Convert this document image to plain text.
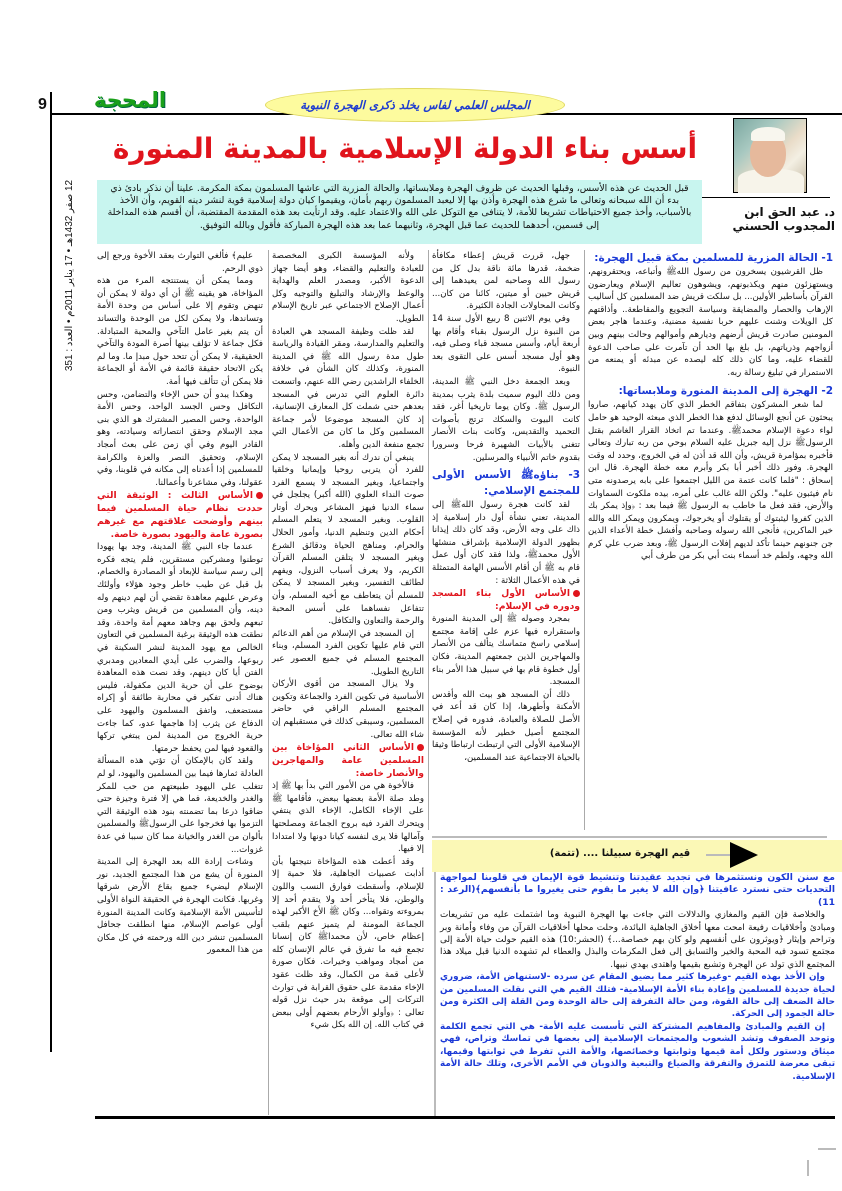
9 المحجة	المجلس العلمي لفاس يخلد ذكرى الهجرة النبوية
12 صفر 1432هـ • 17 يناير 2011م • العدد : 351
أسس بناء الدولة الإسلامية بالمدينة المنورة
د. عبد الحق ابن المجدوب الحسني
قبل الحديث عن هذه الأسس، وقبلها الحديث عن ظروف الهجرة وملابساتها، والحالة المزرية التي عاشها المسلمون بمكة المكرمة. علينا أن نذكر بادئ ذي بدء أن الله سبحانه وتعالى ما شرع هذه الهجرة وأذن بها إلا ليعبد المسلمون ربهم بأمان، ويقيموا كيان دولة إسلامية قوية لنشر دينه القويم، وأن الأخذ بالأسباب، وأخذ جميع الاحتياطات تشريعا للأمة، لا يتنافى مع التوكل على الله والاعتماد عليه. وقد ارتأيت بعد هذه المقدمة المقتضبة، أن أقسم هذه المداخلة إلى قسمين، أحدهما للحديث عما قبل الهجرة، وثانيهما عما بعد هذه الهجرة المباركة فأقول وبالله التوفيق.
1- الحالة المزرية للمسلمين بمكة قبيل الهجرة:

ظل القرشيون يسخرون من رسول اللهﷺ وأتباعه، ويحتقرونهم، ويستهزئون منهم ويكذبونهم، ويشوهون تعاليم الإسلام ويعارضون القرآن بأساطير الأولين... بل سلكت قريش ضد المسلمين كل أساليب الإرهاب والحصار والمضايقة وسياسة التجويع والمقاطعة.. وأذاقتهم كل الويلات وشنت عليهم حربا نفسية مضنية، وعندما هاجر بعض المومنين صادرت قريش أرضهم وديارهم وأموالهم وحالت بينهم وبين أزواجهم وذرياتهم، بل بلغ بها الحد أن تآمرت على صاحب الدعوة للقضاء عليه، وما كان ذلك كله ليصده عن مبدئه أو يمنعه من الاستمرار في تبليغ رسالة ربه.

2- الهجرة إلى المدينة المنورة وملابساتها:

لما شعر المشركون بتفاقم الخطر الذي كان يهدد كيانهم، صاروا يبحثون عن أنجع الوسائل لدفع هذا الخطر الذي مبعثه الوحيد هو حامل لواء دعوة الإسلام محمدﷺ. وعندما تم اتخاذ القرار الغاشم بقتل الرسولﷺ نزل إليه جبريل عليه السلام بوحي من ربه تبارك وتعالى فأخبره بمؤامرة قريش، وأن الله قد أذن له في الخروج، وحدد له وقت الهجرة. وفور ذلك أخبر أبا بكر وأبرم معه خطة الهجرة. قال ابن إسحاق : "فلما كانت عتمة من الليل اجتمعوا على بابه يرصدونه متى نام فيثبون عليه". ولكن الله غالب على أمره، بيده ملكوت السماوات والأرض، فقد فعل ما خاطب به الرسول ﷺ فيما بعد : ﴿وإذ يمكر بك الذين كفروا ليثبتوك أو يقتلوك أو يخرجوك، ويمكرون ويمكر الله والله خير الماكرين﴾ فأنجى الله رسوله وصاحبه وأفشل خطة الأعداء الذين جن جنونهم حينما تأكد لديهم إفلات الرسول ﷺ، وبعد ضرب علي كرم الله وجهه، ولطم خد أسماء بنت أبي بكر من طرف أبي

جهل، قررت قريش إعطاء مكافأة ضخمة، قدرها مائة ناقة بدل كل من رسول الله وصاحبه لمن يعيدهما إلى قريش حيين أو ميتين، كائنا من كان... وكانت المحاولات الجادة الكثيرة.

وفي يوم الاثنين 8 ربيع الأول سنة 14 من النبوة نزل الرسول بقباء وأقام بها أربعة أيام، وأسس مسجد قباء وصلى فيه، وهو أول مسجد أسس على التقوى بعد النبوة.

وبعد الجمعة دخل النبي ﷺ المدينة، ومن ذلك اليوم سميت بلدة يثرب بمدينة الرسول ﷺ. وكان يوما تاريخيا أغر، فقد كانت البيوت والسكك ترتج بأصوات التحميد والتقديس، وكانت بنات الأنصار تتغنى بالأبيات الشهيرة فرحا وسرورا بقدوم خاتم الأنبياء والمرسلين.

3- بناؤهﷺ الأسس الأولى للمجتمع الإسلامي:

لقد كانت هجرة رسول اللهﷺ إلى المدينة، تعني نشأة أول دار إسلامية إذ ذاك على وجه الأرض، وقد كان ذلك إيذانا بظهور الدولة الإسلامية بإشراف منشئها الأول محمدﷺ، ولذا فقد كان أول عمل قام به ﷺ أن أقام الأسس الهامة المتمثلة في هذه الأعمال الثلاثة :

الأساس الأول بناء المسجد ودوره في الإسلام:

بمجرد وصوله ﷺ إلى المدينة المنورة واستقراره فيها عزم على إقامة مجتمع إسلامي راسخ متماسك يتألف من الأنصار والمهاجرين الذين جمعتهم المدينة، فكان أول خطوة قام بها في سبيل هذا الأمر بناء المسجد.

ذلك أن المسجد هو بيت الله وأقدس الأمكنة وأطهرها، إذا كان قد أعد في الأصل للصلاة والعبادة، فدوره في إصلاح المجتمع أصيل خطير لأنه المؤسسة الإسلامية الأولى التي ارتبطت ارتباطا وثيقا بالحياة الاجتماعية عند المسلمين،

ولأنه المؤسسة الكبرى المخصصة للعبادة والتعليم والقضاء، وهو أيضا جهاز الدعوة الأكبر، ومصدر العلم والهداية والوعظ والإرشاد والتبليغ والتوجيه وكل أعمال الإصلاح الاجتماعي عبر تاريخ الإسلام الطويل.

لقد ظلت وظيفة المسجد هي العبادة والتعليم والمدارسة، ومقر القيادة والرياسة طول مدة رسول الله ﷺ في المدينة المنورة، وكذلك كان الشأن في خلافة الخلفاء الراشدين رضي الله عنهم، واتسعت دائرة العلوم التي تدرس في المسجد بعدهم حتى شملت كل المعارف الإنسانية، إذ كان المسجد موضوعا لأمر جماعة المسلمين وكل ما كان من الأعمال التي تجمع منفعة الدين وأهله.

ينبغي أن ندرك أنه بغير المسجد لا يمكن للفرد أن يتربى روحيا وإيمانيا وخلقيا واجتماعيا، وبغير المسجد لا يسمع الفرد صوت النداء العلوي (الله أكبر) يجلجل في سماء الدنيا فيهز المشاعر ويحرك أوتار القلوب. وبغير المسجد لا يتعلم المسلم أحكام الدين وتنظيم الدنيا، وأمور الحلال والحرام، ومناهج الحياة ودقائق الشرع وبغير المسجد لا يتلقن المسلم القرآن الكريم، ولا يعرف أسباب النزول، ويفهم لطائف التفسير، وبغير المسجد لا يمكن للمسلم أن يتعاطف مع أخيه المسلم، وأن تتفاعل نفساهما على أسس المحبة والرحمة والتعاون والتكافل.

إن المسجد في الإسلام من أهم الدعائم التي قام عليها تكوين الفرد المسلم، وبناء المجتمع المسلم في جميع العصور عبر التاريخ الطويل.

ولا يزال المسجد من أقوى الأركان الأساسية في تكوين الفرد والجماعة وتكوين المجتمع المسلم الراقي في حاضر المسلمين، وسيبقى كذلك في مستقبلهم إن شاء الله تعالى.

الأساس الثاني المؤاخاة بين المسلمين عامة والمهاجرين والأنصار خاصة:

فالأخوة هي من الأمور التي بدأ بها ﷺ إذ وطد صلة الأمة بعضها ببعض، فأقامها ﷺ على الإخاء الكامل، الإخاء الذي ينتفي ويتحرك الفرد فيه بروح الجماعة ومصلحتها وآمالها فلا يرى لنفسه كيانا دونها ولا امتدادا إلا فيها.

وقد أعطت هذه المؤاخاة نتيجتها بأن أذابت عصبيات الجاهلية، فلا حمية إلا للإسلام، وأسقطت فوارق النسب واللون والوطن، فلا يتأخر أحد ولا يتقدم أحد إلا بمروءته وتقواه... وكان ﷺ الأخ الأكبر لهذه الجماعة المومنة لم يتميز عنهم بلقب إعظام خاص، لأن محمداﷺ كان إنسانا تجمع فيه ما تفرق في عالم الإنسان كله من أمجاد ومواهب وخيرات. فكان صورة لأعلى قمة من الكمال، وقد ظلت عقود الإخاء مقدمة على حقوق القرابة في توارث التركات إلى موقعة بدر حيث نزل قوله تعالى : ﴿وأولو الأرحام بعضهم أولى ببعض في كتاب الله. إن الله بكل شيء

عليم﴾ فألغي التوارث بعقد الأخوة ورجع إلى ذوي الرحم.

ومما يمكن أن يستنتجه المرء من هذه المؤاخاة، هو يقينه ﷺ أن أي دولة لا يمكن أن تنهض وتقوم إلا على أساس من وحدة الأمة وتساندها، ولا يمكن لكل من الوحدة والتساند أن يتم بغير عامل التآخي والمحبة المتبادلة. فكل جماعة لا تؤلف بينها أصرة المودة والتآخي الحقيقية، لا يمكن أن تتحد حول مبدإ ما. وما لم يكن الاتحاد حقيقة قائمة في الأمة أو الجماعة فلا يمكن أن تتألف فيها أمة.

وهكذا يبدو أن حس الإخاء والتضامن، وحس التكافل وحس الجسد الواحد، وحس الأمة الواحدة، وحس المصير المشترك هو الذي بنى مجد الإسلام وحقق انتصاراته وسيادته، وهو القادر اليوم وفي أي زمن على بعث أمجاد الإسلام، وتحقيق النصر والعزة والكرامة للمسلمين إذا أعدناه إلى مكانه في قلوبنا، وفي عقولنا، وفي مشاعرنا وأعمالنا.

الأساس الثالث : الوثيقة التي حددت نظام حياة المسلمين فيما بينهم وأوضحت علاقتهم مع غيرهم بصورة عامة واليهود بصورة خاصة.

عندما جاء النبي ﷺ المدينة، وجد بها يهودا توطنوا ومشركين مستقرين، فلم يتجه فكره إلى رسم سياسة للإبعاد أو المصادرة والخصام، بل قبل عن طيب خاطر وجود هؤلاء وأولئك وعرض عليهم معاهدة تقضي أن لهم دينهم وله دينه، وأن المسلمين من قريش ويثرب ومن تبعهم ولحق بهم وجاهد معهم أمة واحدة، وقد نطقت هذه الوثيقة برغبة المسلمين في التعاون الخالص مع يهود المدينة لنشر السكينة في ربوعها، والضرب على أيدي المعادين ومدبري الفتن أيا كان دينهم، وقد نصت هذه المعاهدة بوضوح على أن حرية الدين مكفولة، فليس هناك أدنى تفكير في محاربة طائفة أو إكراه مستضعف، واتفق المسلمون واليهود على الدفاع عن يثرب إذا هاجمها عدو، كما جاءت حرية الخروج من المدينة لمن يبتغي تركها والقعود فيها لمن يحفظ حرمتها.

ولقد كان بالإمكان أن تؤتي هذه المسألة العادلة ثمارها فيما بين المسلمين واليهود، لو لم تتغلب على اليهود طبيعتهم من حب للمكر والغدر والخديعة، فما هي إلا فترة وجيزة حتى ضاقوا ذرعا بما تضمنته بنود هذه الوثيقة التي التزموا بها فخرجوا على الرسولﷺ والمسلمين بألوان من الغدر والخيانة مما كان سببا في عدة غزوات...

وشاءت إرادة الله بعد الهجرة إلى المدينة المنورة أن يشع من هذا المجتمع الجديد، نور الإسلام ليضيء جميع بقاع الأرض شرقها وغربها. فكانت الهجرة في الحقيقة النواة الأولى لتأسيس الأمة الإسلامية وكانت المدينة المنورة أولى عواصم الإسلام، منها انطلقت جحافل المسلمين تنشر دين الله ورحمته في كل مكان من هذا المعمور

قيم الهجرة سبيلنا .... (تتمة)

مع سنن الكون ونستثمرها في تجديد عقيدتنا وتنشيط قوة الإيمان في قلوبنا لمواجهة التحديات حتى نسترد عافيتنا ﴿وإن الله لا يغير ما بقوم حتى يغيروا ما بأنفسهم﴾(الرعد : 11)

والخلاصة فإن القيم والمغازي والدلالات التي جاءت بها الهجرة النبوية وما اشتملت عليه من تشريعات ومبادئ وأخلاقيات رفيعة امحت معها أخلاق الجاهلية البائدة، وحلت محلها أخلاقيات القرآن من وفاء وأمانة وبر وتراحم وإيثار ﴿ويوثرون على أنفسهم ولو كان بهم خصاصة...﴾ (الحشر:10) هذه القيم حولت حياة الأمة إلى مجتمع تسود فيه المحبة والخير والتسابق إلى فعل المكرمات والبذل والعطاء لم تشهده الدنيا قبل ميلاد هذا المجتمع الذي تولد عن الهجرة وتشبع بقيمها واهتدى بهدي نبيها.

وإن الأخذ بهذه القيم -وغيرها كثير مما يضيق المقام عن سرده -لاستنهاض الأمة، ضروري لحياة جديدة للمسلمين وإعادة بناء الأمة الإسلامية- فتلك القيم هي التي نقلت المسلمين من حالة الضعف إلى حالة القوة، ومن حالة التفرقة إلى حالة الوحدة ومن القلة إلى الكثرة ومن حالة الجمود إلى الحركة.

إن القيم والمبادئ والمفاهيم المشتركة التي تأسست عليه الأمة- هي التي تجمع الكلمة وتوحد الصفوف وتشد الشعوب والمجتمعات الإسلامية إلى بعضها في تماسك وتراص، فهي ميثاق ودستور ولكل أمة قيمها وثوابتها وخصائصها، والأمة التي تفرط في ثوابتها وقيمها، تبقى معرضة للتمزق والتفرقة والضياع والتبعية والذوبان في الأمم الأخرى، وتلك حالة الأمة الإسلامية.
